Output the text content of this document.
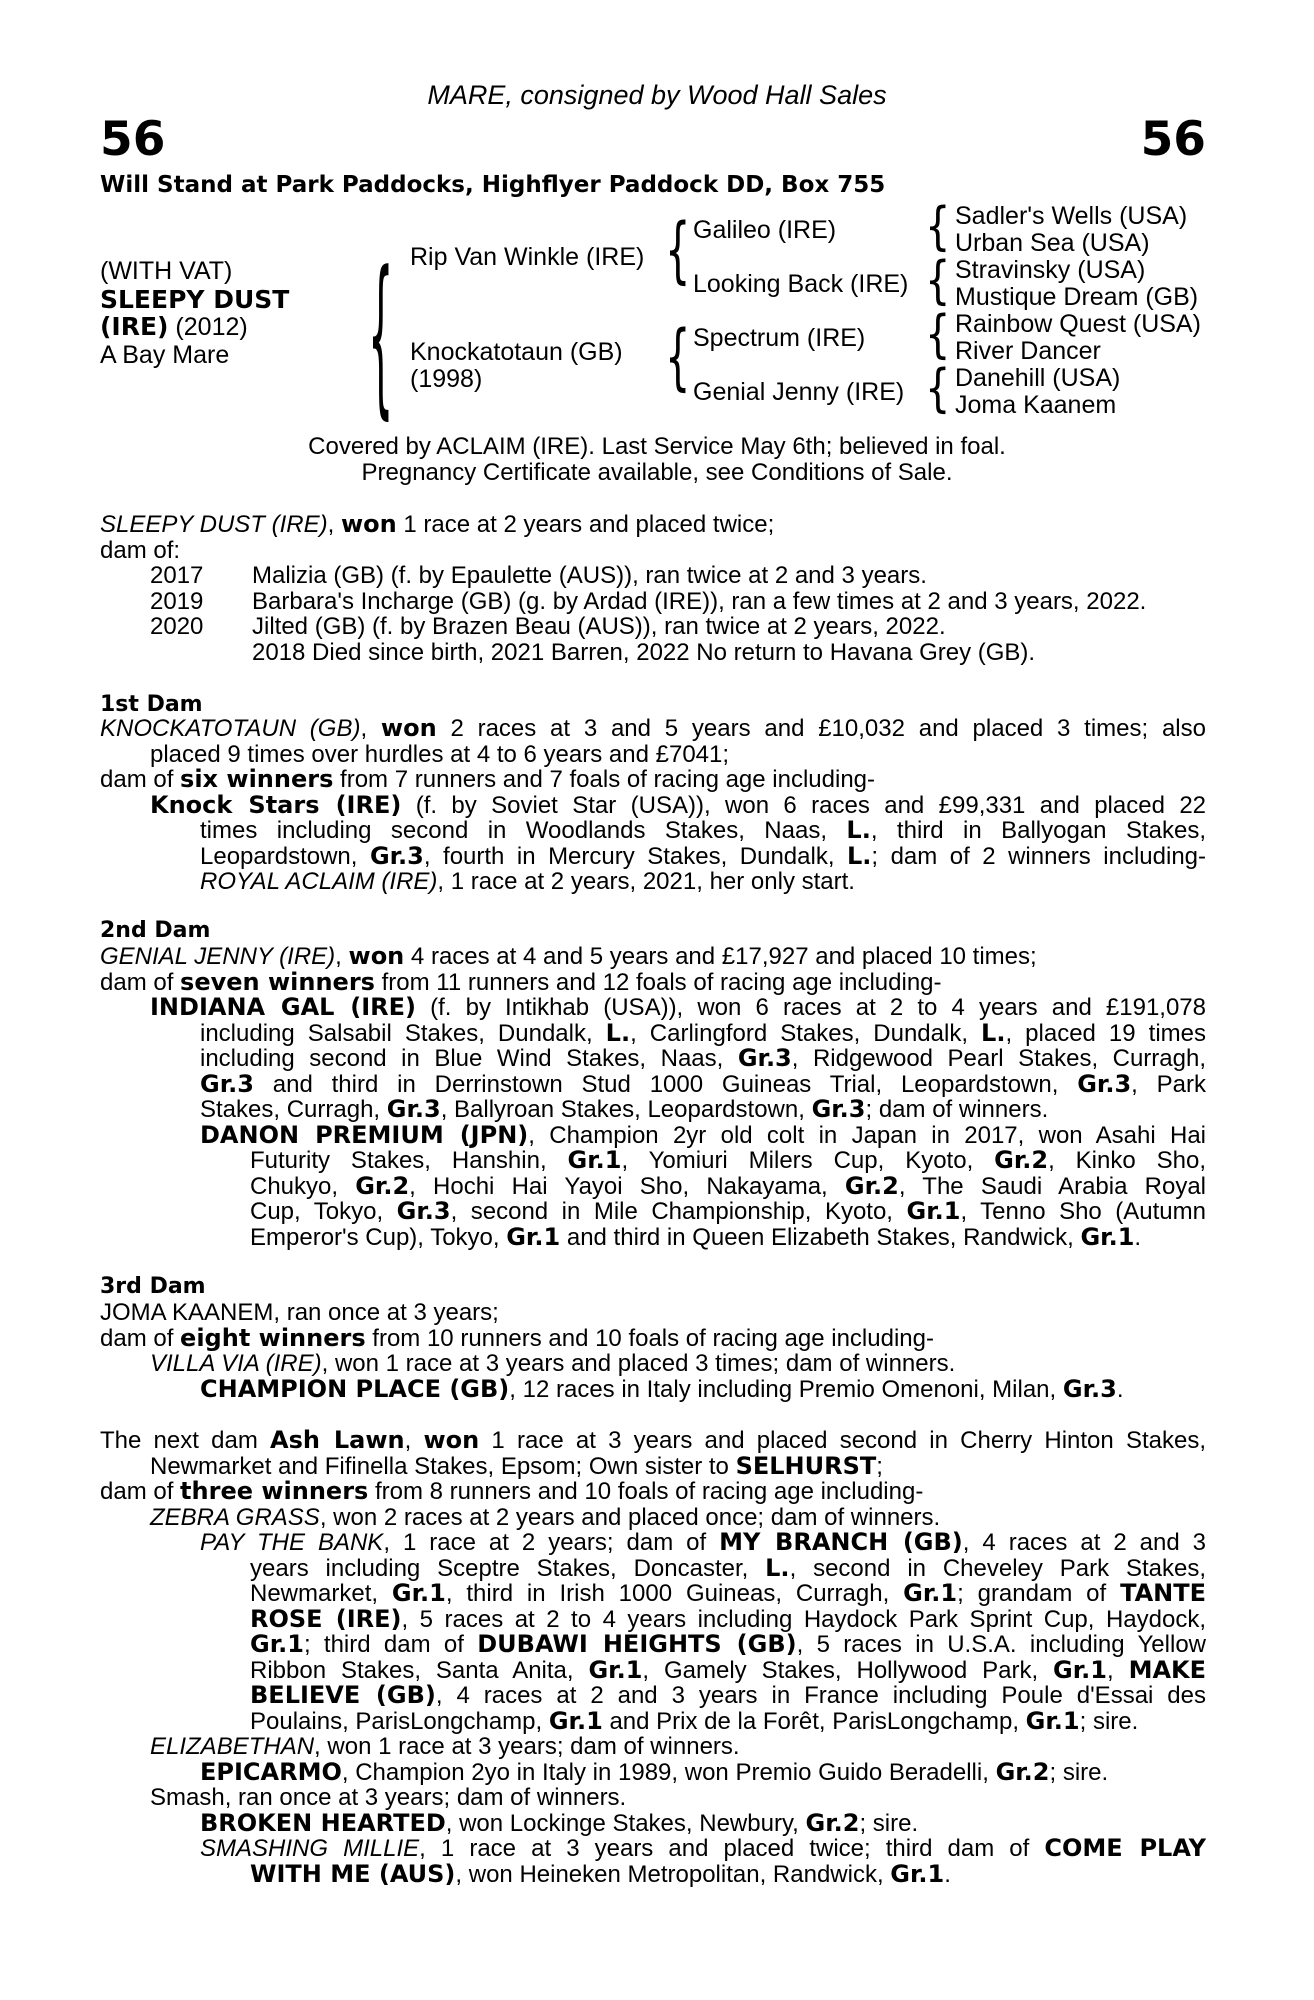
56	56
MARE, consigned by Wood Hall Sales
Will Stand at Park Paddocks, Highflyer Paddock DD, Box 755
(WITH VAT)
SLEEPY DUST
(IRE) (2012)
A Bay Mare	{ Rip Van Winkle (IRE)
Knockatotaun (GB)
(1998)
{
{
Galileo (IRE)
Looking Back (IRE)
Spectrum (IRE)
Genial Jenny (IRE)
{
{
{
{
Sadler's Wells (USA)
Urban Sea (USA)
Stravinsky (USA)
Mustique Dream (GB)
Rainbow Quest (USA)
River Dancer
Danehill (USA)
Joma Kaanem
Covered by ACLAIM (IRE). Last Service May 6th; believed in foal.
Pregnancy Certificate available, see Conditions of Sale.
SLEEPY DUST (IRE), won 1 race at 2 years and placed twice;
dam of:
2017 Malizia (GB) (f. by Epaulette (AUS)), ran twice at 2 and 3 years.
2019 Barbara's Incharge (GB) (g. by Ardad (IRE)), ran a few times at 2 and 3 years, 2022.
2020 Jilted (GB) (f. by Brazen Beau (AUS)), ran twice at 2 years, 2022.
2018 Died since birth, 2021 Barren, 2022 No return to Havana Grey (GB).
1st Dam
KNOCKATOTAUN (GB), won 2 races at 3 and 5 years and £10,032 and placed 3 times; also
placed 9 times over hurdles at 4 to 6 years and £7041;
dam of six winners from 7 runners and 7 foals of racing age including-
Knock Stars (IRE) (f. by Soviet Star (USA)), won 6 races and £99,331 and placed 22
times including second in Woodlands Stakes, Naas, L., third in Ballyogan Stakes,
Leopardstown, Gr.3, fourth in Mercury Stakes, Dundalk, L.; dam of 2 winners including-
ROYAL ACLAIM (IRE), 1 race at 2 years, 2021, her only start.
2nd Dam
GENIAL JENNY (IRE), won 4 races at 4 and 5 years and £17,927 and placed 10 times;
dam of seven winners from 11 runners and 12 foals of racing age including-
INDIANA GAL (IRE) (f. by Intikhab (USA)), won 6 races at 2 to 4 years and £191,078
including Salsabil Stakes, Dundalk, L., Carlingford Stakes, Dundalk, L., placed 19 times
including second in Blue Wind Stakes, Naas, Gr.3, Ridgewood Pearl Stakes, Curragh,
Gr.3 and third in Derrinstown Stud 1000 Guineas Trial, Leopardstown, Gr.3, Park
Stakes, Curragh, Gr.3, Ballyroan Stakes, Leopardstown, Gr.3; dam of winners.
DANON PREMIUM (JPN), Champion 2yr old colt in Japan in 2017, won Asahi Hai
Futurity Stakes, Hanshin, Gr.1, Yomiuri Milers Cup, Kyoto, Gr.2, Kinko Sho,
Chukyo, Gr.2, Hochi Hai Yayoi Sho, Nakayama, Gr.2, The Saudi Arabia Royal
Cup, Tokyo, Gr.3, second in Mile Championship, Kyoto, Gr.1, Tenno Sho (Autumn
Emperor's Cup), Tokyo, Gr.1 and third in Queen Elizabeth Stakes, Randwick, Gr.1.
3rd Dam
JOMA KAANEM, ran once at 3 years;
dam of eight winners from 10 runners and 10 foals of racing age including-
VILLA VIA (IRE), won 1 race at 3 years and placed 3 times; dam of winners.
CHAMPION PLACE (GB), 12 races in Italy including Premio Omenoni, Milan, Gr.3.
The next dam Ash Lawn, won 1 race at 3 years and placed second in Cherry Hinton Stakes,
Newmarket and Fifinella Stakes, Epsom; Own sister to SELHURST;
dam of three winners from 8 runners and 10 foals of racing age including-
ZEBRA GRASS, won 2 races at 2 years and placed once; dam of winners.
PAY THE BANK, 1 race at 2 years; dam of MY BRANCH (GB), 4 races at 2 and 3
years including Sceptre Stakes, Doncaster, L., second in Cheveley Park Stakes,
Newmarket, Gr.1, third in Irish 1000 Guineas, Curragh, Gr.1; grandam of TANTE
ROSE (IRE), 5 races at 2 to 4 years including Haydock Park Sprint Cup, Haydock,
Gr.1; third dam of DUBAWI HEIGHTS (GB), 5 races in U.S.A. including Yellow
Ribbon Stakes, Santa Anita, Gr.1, Gamely Stakes, Hollywood Park, Gr.1, MAKE
BELIEVE (GB), 4 races at 2 and 3 years in France including Poule d'Essai des
Poulains, ParisLongchamp, Gr.1 and Prix de la Forêt, ParisLongchamp, Gr.1; sire.
ELIZABETHAN, won 1 race at 3 years; dam of winners.
EPICARMO, Champion 2yo in Italy in 1989, won Premio Guido Beradelli, Gr.2; sire.
Smash, ran once at 3 years; dam of winners.
BROKEN HEARTED, won Lockinge Stakes, Newbury, Gr.2; sire.
SMASHING MILLIE, 1 race at 3 years and placed twice; third dam of COME PLAY
WITH ME (AUS), won Heineken Metropolitan, Randwick, Gr.1.
